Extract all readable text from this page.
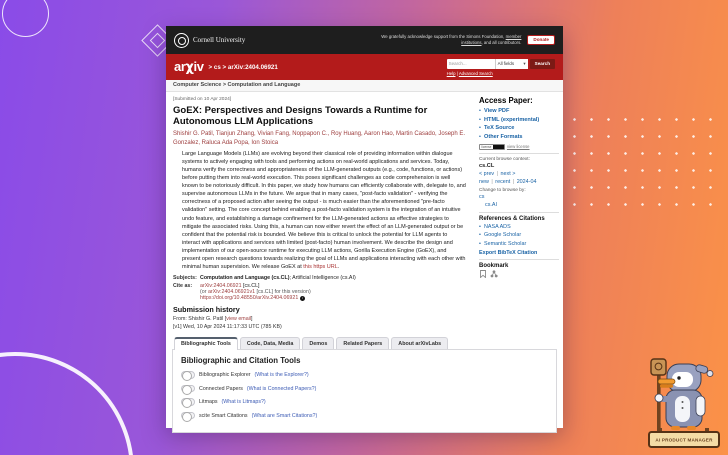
Cornell University	We gratefully acknowledge support from the Simons Foundation, member institutions, and all contributors.
Donate
arχiv > cs > arXiv:2404.06921
Search...	All fields ▾	Search
Help | Advanced Search
Computer Science > Computation and Language
[Submitted on 10 Apr 2024]
GoEX: Perspectives and Designs Towards a Runtime for Autonomous LLM Applications
Shishir G. Patil, Tianjun Zhang, Vivian Fang, Noppapon C., Roy Huang, Aaron Hao, Martin Casado, Joseph E. Gonzalez, Raluca Ada Popa, Ion Stoica

Large Language Models (LLMs) are evolving beyond their classical role of providing information within dialogue systems to actively engaging with tools and performing actions on real-world applications and services. Today, humans verify the correctness and appropriateness of the LLM-generated outputs (e.g., code, functions, or actions) before putting them into real-world execution. This poses significant challenges as code comprehension is well known to be notoriously difficult. In this paper, we study how humans can efficiently collaborate with, delegate to, and supervise autonomous LLMs in the future. We argue that in many cases, "post-facto validation" - verifying the correctness of a proposed action after seeing the output - is much easier than the aforementioned "pre-facto validation" setting. The core concept behind enabling a post-facto validation system is the integration of an intuitive undo feature, and establishing a damage confinement for the LLM-generated actions as effective strategies to mitigate the associated risks. Using this, a human can now either revert the effect of an LLM-generated output or be confident that the potential risk is bounded. We believe this is critical to unlock the potential for LLM agents to interact with applications and services with limited (post-facto) human involvement. We describe the design and implementation of our open-source runtime for executing LLM actions, Gorilla Execution Engine (GoEX), and present open research questions towards realizing the goal of LLMs and applications interacting with each other with minimal human supervision. We release GoEX at this https URL.

Subjects: Computation and Language (cs.CL); Artificial Intelligence (cs.AI)
Cite as:	arXiv:2404.06921 [cs.CL]
(or arXiv:2404.06921v1 [cs.CL] for this version)
https://doi.org/10.48550/arXiv.2404.06921 i
Submission history
From: Shishir G. Patil [view email]
[v1] Wed, 10 Apr 2024 11:17:33 UTC (785 KB)
Access Paper:
• View PDF
• HTML (experimental)
• TeX Source
• Other Formats
license	view license
Current browse context:
cs.CL
< prev | next >
new | recent | 2024-04
Change to browse by:
cs
cs.AI
References & Citations
• NASA ADS
• Google Scholar
• Semantic Scholar
Export BibTeX Citation
Bookmark
Bibliographic Tools	Code, Data, Media	Demos	Related Papers	About arXivLabs
Bibliographic and Citation Tools
Bibliographic Explorer (What is the Explorer?)
Connected Papers (What is Connected Papers?)
Litmaps (What is Litmaps?)
scite Smart Citations (What are Smart Citations?)
AI PRODUCT MANAGER
